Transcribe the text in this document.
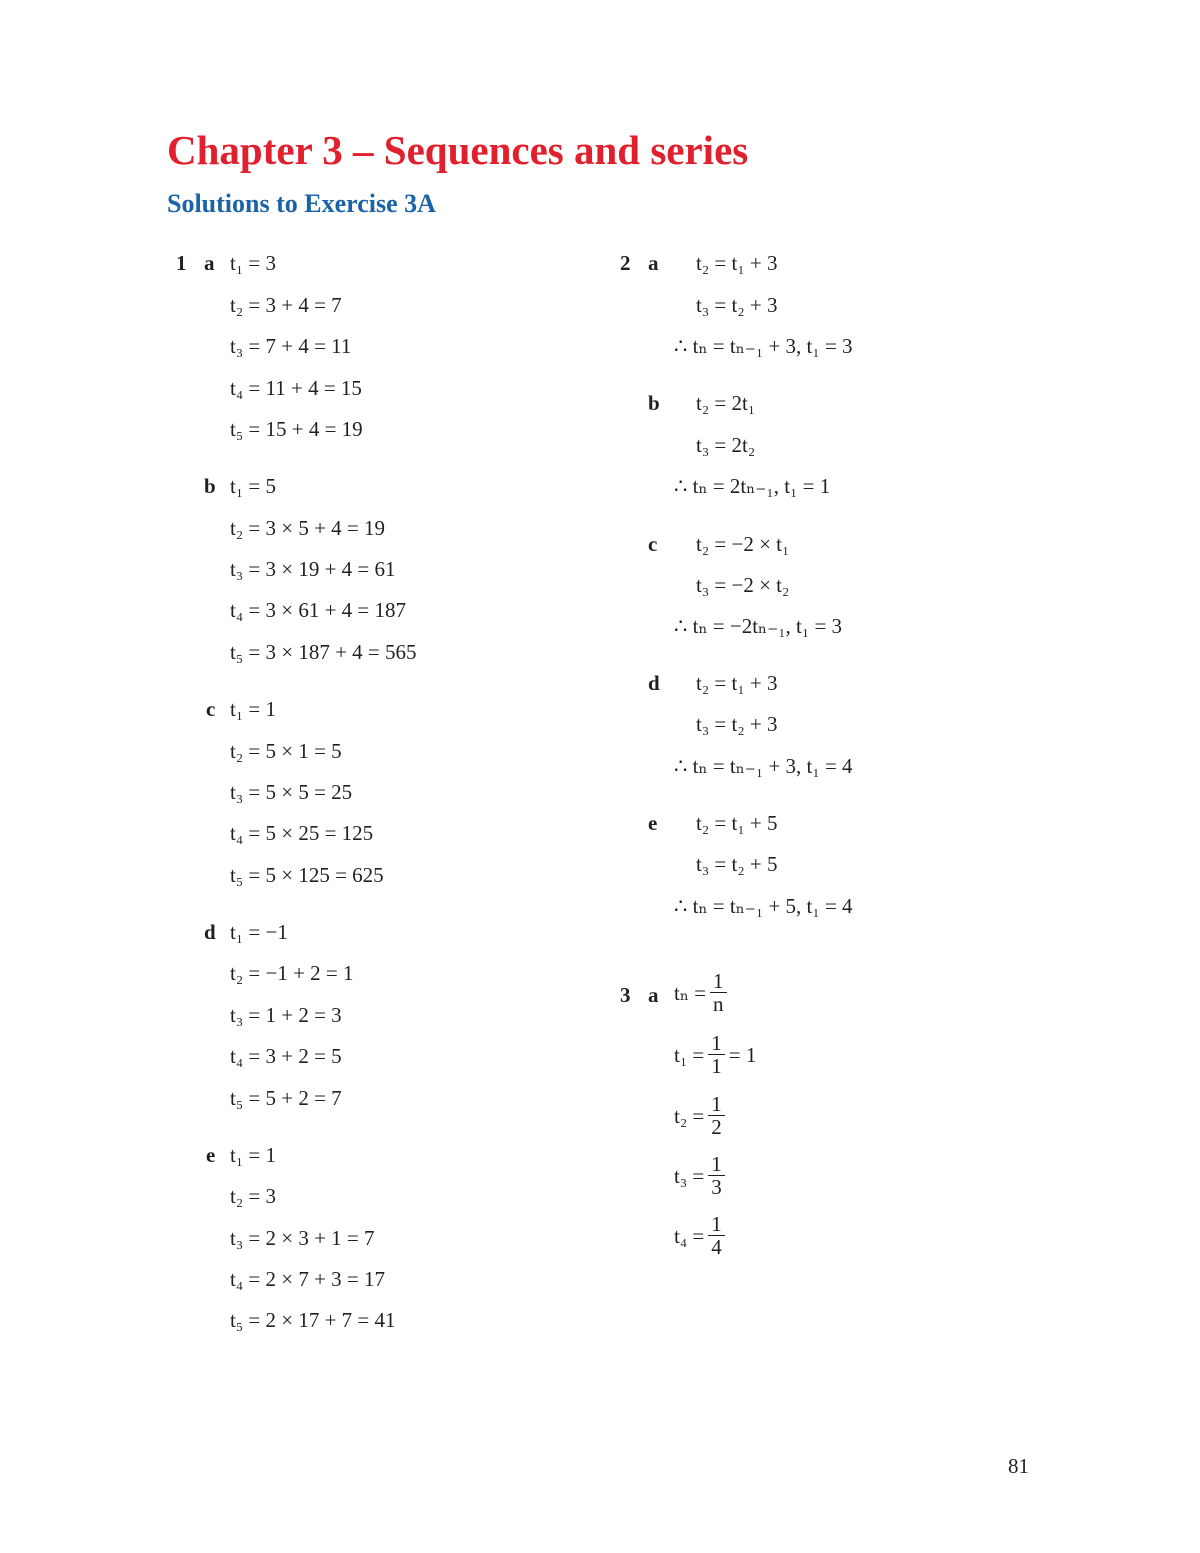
Chapter 3 – Sequences and series
Solutions to Exercise 3A
1 a t₁ = 3
t₂ = 3 + 4 = 7
t₃ = 7 + 4 = 11
t₄ = 11 + 4 = 15
t₅ = 15 + 4 = 19
b t₁ = 5
t₂ = 3 × 5 + 4 = 19
t₃ = 3 × 19 + 4 = 61
t₄ = 3 × 61 + 4 = 187
t₅ = 3 × 187 + 4 = 565
c t₁ = 1
t₂ = 5 × 1 = 5
t₃ = 5 × 5 = 25
t₄ = 5 × 25 = 125
t₅ = 5 × 125 = 625
d t₁ = −1
t₂ = −1 + 2 = 1
t₃ = 1 + 2 = 3
t₄ = 3 + 2 = 5
t₅ = 5 + 2 = 7
e t₁ = 1
t₂ = 3
t₃ = 2 × 3 + 1 = 7
t₄ = 2 × 7 + 3 = 17
t₅ = 2 × 17 + 7 = 41
2 a t₂ = t₁ + 3
t₃ = t₂ + 3
∴ tₙ = tₙ₋₁ + 3, t₁ = 3
b t₂ = 2t₁
t₃ = 2t₂
∴ tₙ = 2tₙ₋₁, t₁ = 1
c t₂ = −2 × t₁
t₃ = −2 × t₂
∴ tₙ = −2tₙ₋₁, t₁ = 3
d t₂ = t₁ + 3
t₃ = t₂ + 3
∴ tₙ = tₙ₋₁ + 3, t₁ = 4
e t₂ = t₁ + 5
t₃ = t₂ + 5
∴ tₙ = tₙ₋₁ + 5, t₁ = 4
3 a $t_n = \frac{1}{n}$
$t_1 = \frac{1}{1} = 1$
$t_2 = \frac{1}{2}$
$t_3 = \frac{1}{3}$
$t_4 = \frac{1}{4}$
81
